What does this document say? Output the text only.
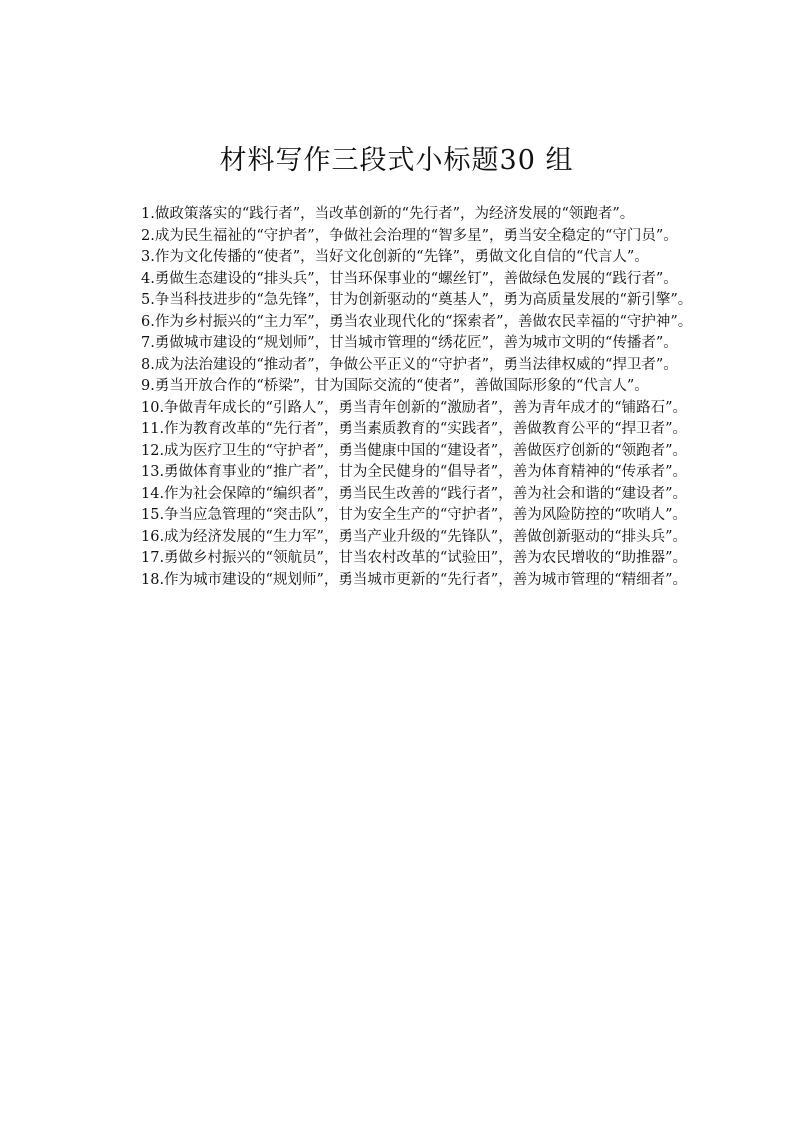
材料写作三段式小标题30 组

1.做政策落实的“践行者”，当改革创新的“先行者”，为经济发展的“领跑者”。

2.成为民生福祉的“守护者”，争做社会治理的“智多星”，勇当安全稳定的“守门员”。

3.作为文化传播的“使者”，当好文化创新的“先锋”，勇做文化自信的“代言人”。

4.勇做生态建设的“排头兵”，甘当环保事业的“螺丝钉”，善做绿色发展的“践行者”。

5.争当科技进步的“急先锋”，甘为创新驱动的“奠基人”，勇为高质量发展的“新引擎”。

6.作为乡村振兴的“主力军”，勇当农业现代化的“探索者”，善做农民幸福的“守护神”。

7.勇做城市建设的“规划师”，甘当城市管理的“绣花匠”，善为城市文明的“传播者”。

8.成为法治建设的“推动者”，争做公平正义的“守护者”，勇当法律权威的“捍卫者”。

9.勇当开放合作的“桥梁”，甘为国际交流的“使者”，善做国际形象的“代言人”。

10.争做青年成长的“引路人”，勇当青年创新的“激励者”，善为青年成才的“铺路石”。

11.作为教育改革的“先行者”，勇当素质教育的“实践者”，善做教育公平的“捍卫者”。

12.成为医疗卫生的“守护者”，勇当健康中国的“建设者”，善做医疗创新的“领跑者”。

13.勇做体育事业的“推广者”，甘为全民健身的“倡导者”，善为体育精神的“传承者”。

14.作为社会保障的“编织者”，勇当民生改善的“践行者”，善为社会和谐的“建设者”。

15.争当应急管理的“突击队”，甘为安全生产的“守护者”，善为风险防控的“吹哨人”。

16.成为经济发展的“生力军”，勇当产业升级的“先锋队”，善做创新驱动的“排头兵”。

17.勇做乡村振兴的“领航员”，甘当农村改革的“试验田”，善为农民增收的“助推器”。

18.作为城市建设的“规划师”，勇当城市更新的“先行者”，善为城市管理的“精细者”。
